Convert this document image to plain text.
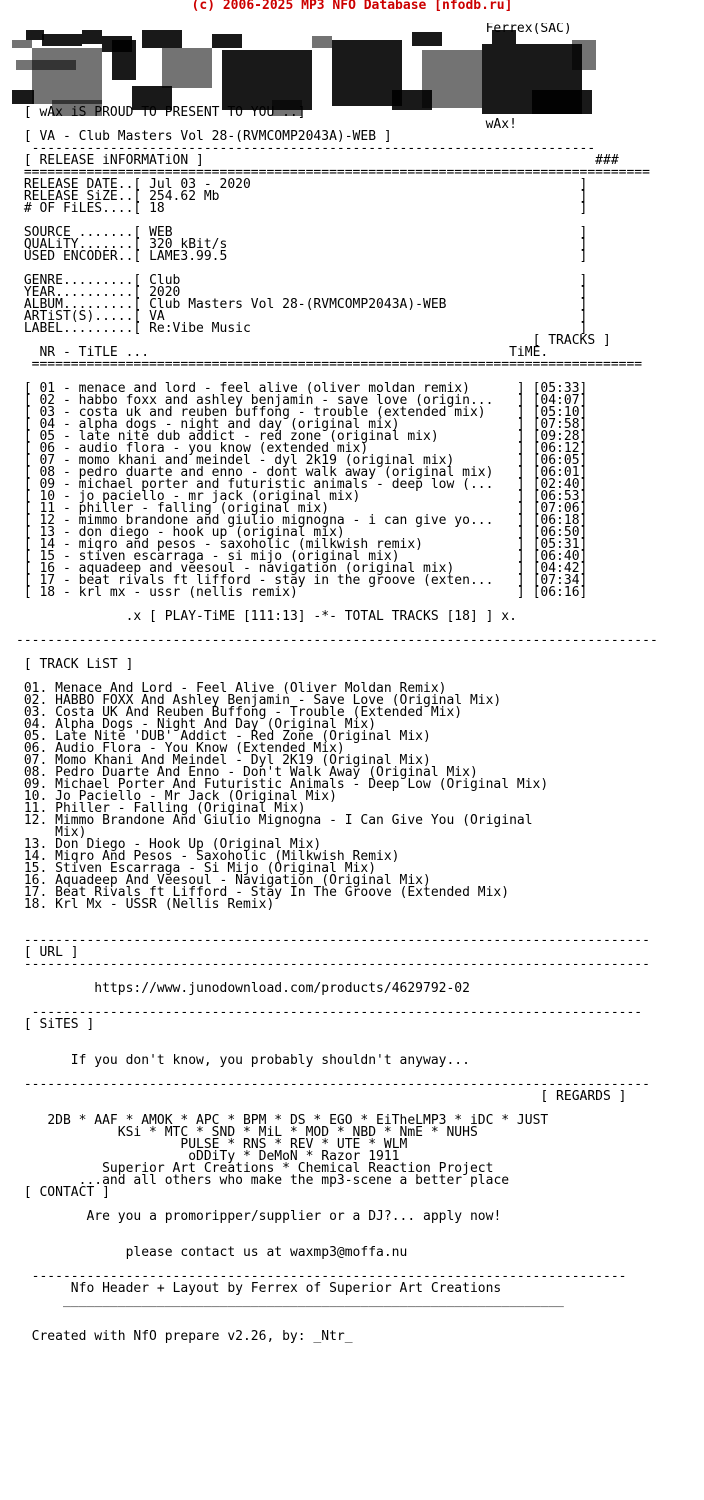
(c) 2006-2025 MP3 NFO Database [nfodb.ru]
Ferrex(SAC)

[ wAx iS PROUD TO PRESENT TO YOU ..]
wAx!
[ VA - Club Masters Vol 28-(RVMCOMP2043A)-WEB ]
------------------------------------------------------------------------
[ RELEASE iNFORMATiON ]                                                  ###
================================================================================
RELEASE DATE..[ Jul 03 - 2020                                          ]
RELEASE SiZE..[ 254.62 Mb                                              ]
# OF FiLES....[ 18                                                     ]

SOURCE .......[ WEB                                                    ]
QUALiTY.......[ 320 kBit/s                                             ]
USED ENCODER..[ LAME3.99.5                                             ]

GENRE.........[ Club                                                   ]
YEAR..........[ 2020                                                   ]
ALBUM.........[ Club Masters Vol 28-(RVMCOMP2043A)-WEB                 ]
ARTiST(S).....[ VA                                                     ]
LABEL.........[ Re:Vibe Music                                          ]
[ TRACKS ]
NR - TiTLE ...	TiME.
==============================================================================

[ 01 - menace and lord - feel alive (oliver moldan remix)      ] [05:33]
[ 02 - habbo foxx and ashley benjamin - save love (origin...   ] [04:07]
[ 03 - costa uk and reuben buffong - trouble (extended mix)    ] [05:10]
[ 04 - alpha dogs - night and day (original mix)               ] [07:58]
[ 05 - late nite dub addict - red zone (original mix)          ] [09:28]
[ 06 - audio flora - you know (extended mix)                   ] [06:12]
[ 07 - momo khani and meindel - dyl 2k19 (original mix)        ] [06:05]
[ 08 - pedro duarte and enno - dont walk away (original mix)   ] [06:01]
[ 09 - michael porter and futuristic animals - deep low (...   ] [02:40]
[ 10 - jo paciello - mr jack (original mix)                    ] [06:53]
[ 11 - philler - falling (original mix)                        ] [07:06]
[ 12 - mimmo brandone and giulio mignogna - i can give yo...   ] [06:18]
[ 13 - don diego - hook up (original mix)                      ] [06:50]
[ 14 - miqro and pesos - saxoholic (milkwish remix)            ] [05:31]
[ 15 - stiven escarraga - si mijo (original mix)               ] [06:40]
[ 16 - aquadeep and veesoul - navigation (original mix)        ] [04:42]
[ 17 - beat rivals ft lifford - stay in the groove (exten...   ] [07:34]
[ 18 - krl mx - ussr (nellis remix)                            ] [06:16]

.x [ PLAY-TiME [111:13] -*- TOTAL TRACKS [18] ] x.

----------------------------------------------------------------------------------

[ TRACK LiST ]

01. Menace And Lord - Feel Alive (Oliver Moldan Remix)
02. HABBO FOXX And Ashley Benjamin - Save Love (Original Mix)
03. Costa UK And Reuben Buffong - Trouble (Extended Mix)
04. Alpha Dogs - Night And Day (Original Mix)
05. Late Nite 'DUB' Addict - Red Zone (Original Mix)
06. Audio Flora - You Know (Extended Mix)
07. Momo Khani And Meindel - Dyl 2K19 (Original Mix)
08. Pedro Duarte And Enno - Don't Walk Away (Original Mix)
09. Michael Porter And Futuristic Animals - Deep Low (Original Mix)
10. Jo Paciello - Mr Jack (Original Mix)
11. Philler - Falling (Original Mix)
12. Mimmo Brandone And Giulio Mignogna - I Can Give You (Original
Mix)
13. Don Diego - Hook Up (Original Mix)
14. Miqro And Pesos - Saxoholic (Milkwish Remix)
15. Stiven Escarraga - Si Mijo (Original Mix)
16. Aquadeep And Veesoul - Navigation (Original Mix)
17. Beat Rivals ft Lifford - Stay In The Groove (Extended Mix)
18. Krl Mx - USSR (Nellis Remix)

--------------------------------------------------------------------------------
[ URL ]
--------------------------------------------------------------------------------

https://www.junodownload.com/products/4629792-02

------------------------------------------------------------------------------
[ SiTES ]

If you don't know, you probably shouldn't anyway...

--------------------------------------------------------------------------------
[ REGARDS ]

2DB * AAF * AMOK * APC * BPM * DS * EGO * EiTheLMP3 * iDC * JUST
KSi * MTC * SND * MiL * MOD * NBD * NmE * NUHS
PULSE * RNS * REV * UTE * WLM
oDDiTy * DeMoN * Razor 1911
Superior Art Creations * Chemical Reaction Project
...and all others who make the mp3-scene a better place
[ CONTACT ]

Are you a promoripper/supplier or a DJ?... apply now!

please contact us at waxmp3@moffa.nu

----------------------------------------------------------------------------
Nfo Header + Layout by Ferrex of Superior Art Creations
________________________________________________________________

Created with NfO prepare v2.26, by: _Ntr_
